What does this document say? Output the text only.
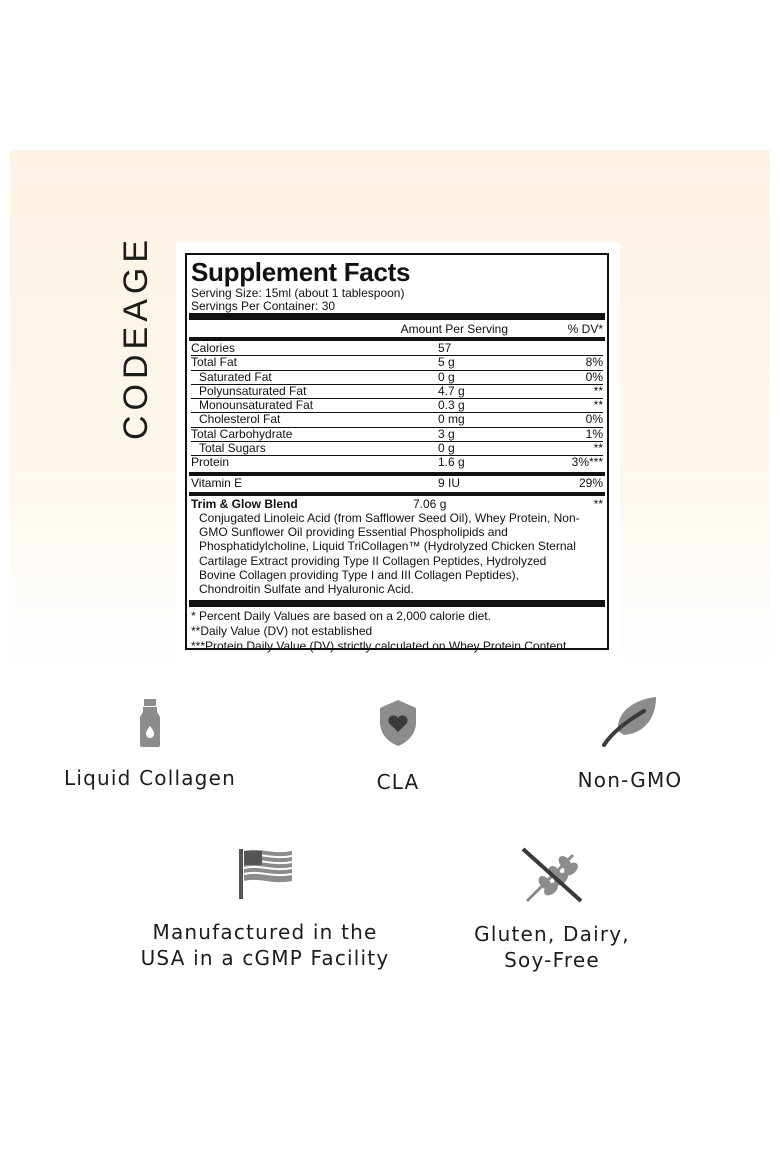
CODEAGE Supplement Facts
Serving Size: 15ml (about 1 tablespoon)
Servings Per Container: 30
Amount Per Serving	% DV*
Calories	57
Total Fat	5 g	8%
Saturated Fat	0 g	0%
Polyunsaturated Fat	4.7 g	**
Monounsaturated Fat	0.3 g	**
Cholesterol Fat	0 mg	0%
Total Carbohydrate	3 g	1%
Total Sugars	0 g	**
Protein	1.6 g	3%***
Vitamin E	9 IU	29%
Trim & Glow Blend	7.06 g	**
Conjugated Linoleic Acid (from Safflower Seed Oil), Whey Protein, Non-GMO Sunflower Oil providing Essential Phospholipids and Phosphatidylcholine, Liquid TriCollagen™ (Hydrolyzed Chicken Sternal Cartilage Extract providing Type II Collagen Peptides, Hydrolyzed Bovine Collagen providing Type I and III Collagen Peptides), Chondroitin Sulfate and Hyaluronic Acid.
* Percent Daily Values are based on a 2,000 calorie diet.
**Daily Value (DV) not established
***Protein Daily Value (DV) strictly calculated on Whey Protein Content.
Liquid Collagen	CLA	Non-GMO
Manufactured in the
USA in a cGMP Facility
Gluten, Dairy,
Soy-Free
